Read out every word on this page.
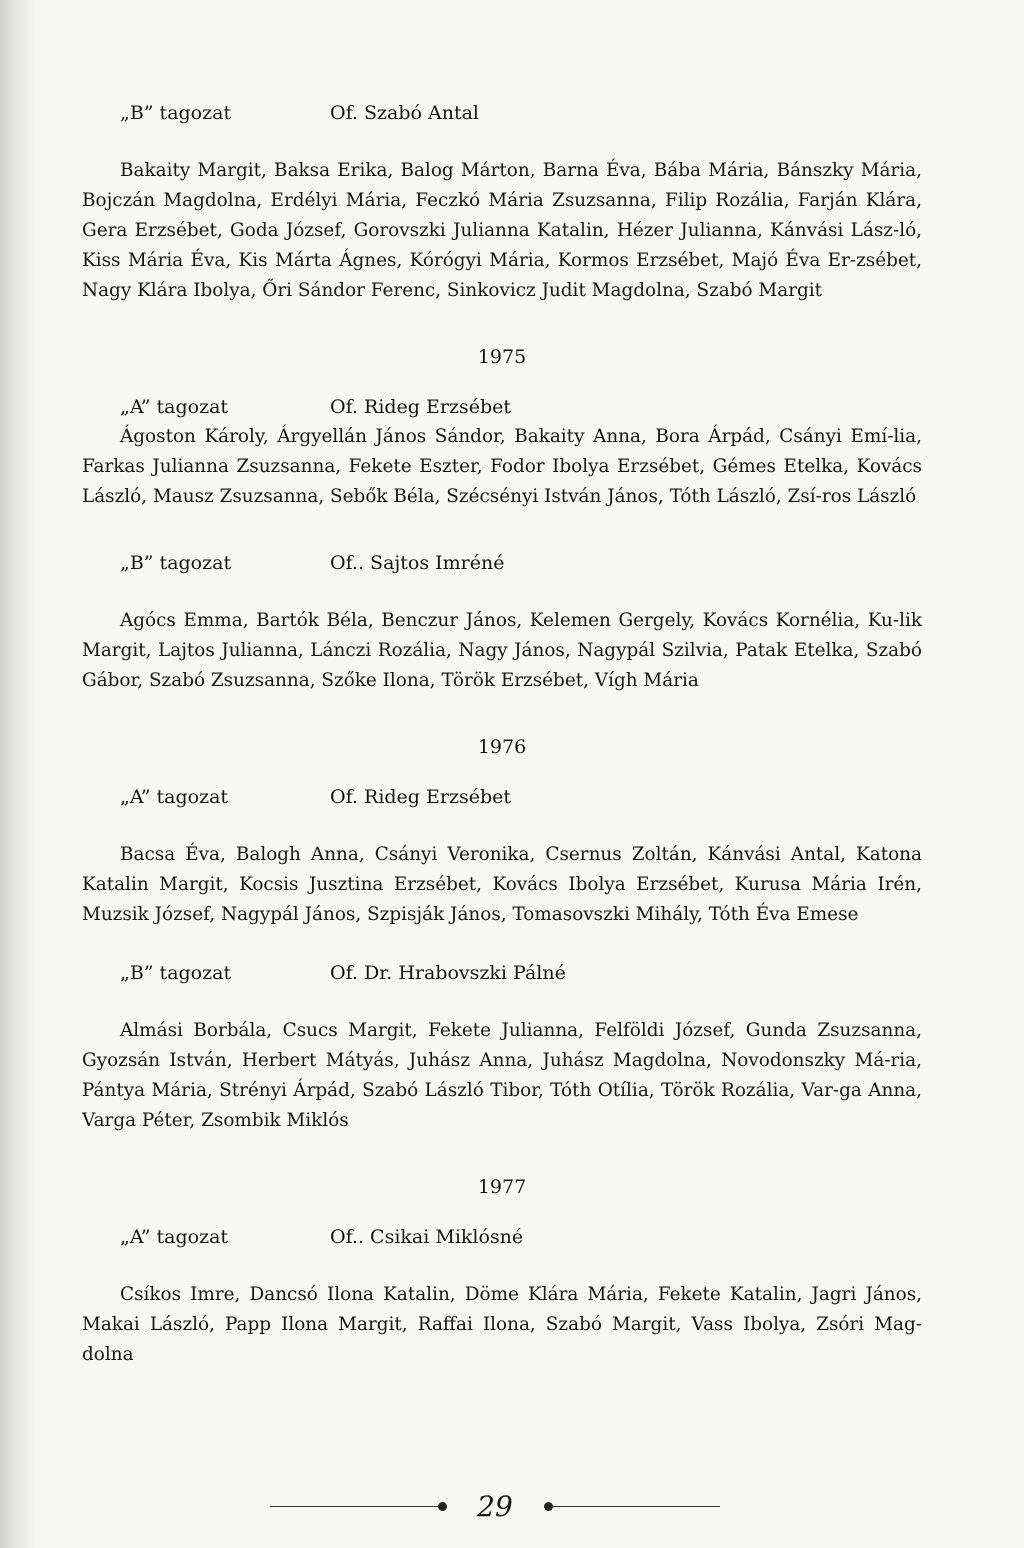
„B” tagozat	Of. Szabó Antal

Bakaity Margit, Baksa Erika, Balog Márton, Barna Éva, Bába Mária, Bánszky Mária, Bojczán Magdolna, Erdélyi Mária, Feczkó Mária Zsuzsanna, Filip Rozália, Farján Klára, Gera Erzsébet, Goda József, Gorovszki Julianna Katalin, Hézer Julianna, Kánvási Lász-ló, Kiss Mária Éva, Kis Márta Ágnes, Kórógyi Mária, Kormos Erzsébet, Majó Éva Er-zsébet, Nagy Klára Ibolya, Őri Sándor Ferenc, Sinkovicz Judit Magdolna, Szabó Margit

1975
„A” tagozat	Of. Rideg Erzsébet

Ágoston Károly, Árgyellán János Sándor, Bakaity Anna, Bora Árpád, Csányi Emí-lia, Farkas Julianna Zsuzsanna, Fekete Eszter, Fodor Ibolya Erzsébet, Gémes Etelka, Kovács László, Mausz Zsuzsanna, Sebők Béla, Szécsényi István János, Tóth László, Zsí-ros László

„B” tagozat	Of.. Sajtos Imréné

Agócs Emma, Bartók Béla, Benczur János, Kelemen Gergely, Kovács Kornélia, Ku-lik Margit, Lajtos Julianna, Lánczi Rozália, Nagy János, Nagypál Szilvia, Patak Etelka, Szabó Gábor, Szabó Zsuzsanna, Szőke Ilona, Török Erzsébet, Vígh Mária

1976
„A” tagozat	Of. Rideg Erzsébet

Bacsa Éva, Balogh Anna, Csányi Veronika, Csernus Zoltán, Kánvási Antal, Katona Katalin Margit, Kocsis Jusztina Erzsébet, Kovács Ibolya Erzsébet, Kurusa Mária Irén, Muzsik József, Nagypál János, Szpisják János, Tomasovszki Mihály, Tóth Éva Emese

„B” tagozat	Of. Dr. Hrabovszki Pálné

Almási Borbála, Csucs Margit, Fekete Julianna, Felföldi József, Gunda Zsuzsanna, Gyozsán István, Herbert Mátyás, Juhász Anna, Juhász Magdolna, Novodonszky Má-ria, Pántya Mária, Strényi Árpád, Szabó László Tibor, Tóth Otília, Török Rozália, Var-ga Anna, Varga Péter, Zsombik Miklós

1977
„A” tagozat	Of.. Csikai Miklósné

Csíkos Imre, Dancsó Ilona Katalin, Döme Klára Mária, Fekete Katalin, Jagri János, Makai László, Papp Ilona Margit, Raffai Ilona, Szabó Margit, Vass Ibolya, Zsóri Mag-dolna

29
